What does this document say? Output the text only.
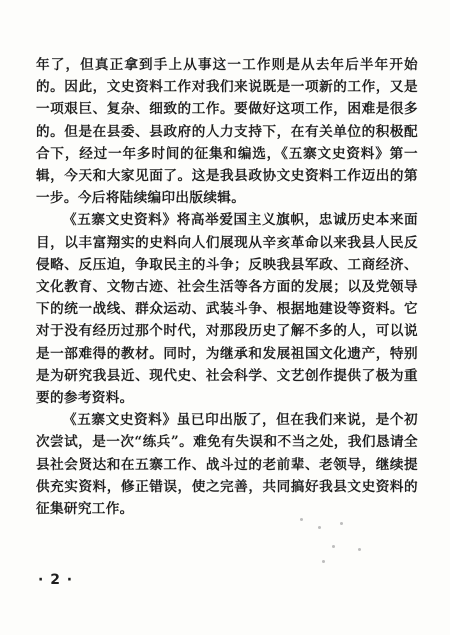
年了，但真正拿到手上从事这一工作则是从去年后半年开始的。因此，文史资料工作对我们来说既是一项新的工作，又是一项艰巨、复杂、细致的工作。要做好这项工作，困难是很多的。但是在县委、县政府的人力支持下，在有关单位的积极配合下，经过一年多时间的征集和编选，《五寨文史资料》第一辑，今天和大家见面了。这是我县政协文史资料工作迈出的第一步。今后将陆续编印出版续辑。

《五寨文史资料》将高举爱国主义旗帜，忠诚历史本来面目，以丰富翔实的史料向人们展现从辛亥革命以来我县人民反侵略、反压迫，争取民主的斗争；反映我县军政、工商经济、文化教育、文物古迹、社会生活等各方面的发展；以及党领导下的统一战线、群众运动、武装斗争、根据地建设等资料。它对于没有经历过那个时代，对那段历史了解不多的人，可以说是一部难得的教材。同时，为继承和发展祖国文化遗产，特别是为研究我县近、现代史、社会科学、文艺创作提供了极为重要的参考资料。

《五寨文史资料》虽已印出版了，但在我们来说，是个初次尝试，是一次“练兵”。难免有失误和不当之处，我们恳请全县社会贤达和在五寨工作、战斗过的老前辈、老领导，继续提供充实资料，修正错误，使之完善，共同搞好我县文史资料的征集研究工作。

· 2 ·
